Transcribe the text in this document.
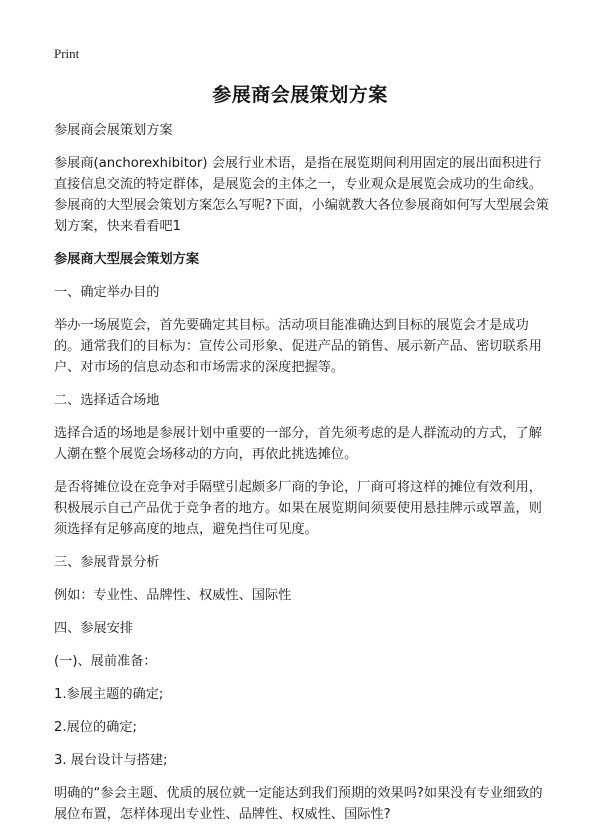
Print
参展商会展策划方案

参展商会展策划方案

参展商(anchorexhibitor) 会展行业术语，是指在展览期间利用固定的展出面积进行直接信息交流的特定群体，是展览会的主体之一，专业观众是展览会成功的生命线。参展商的大型展会策划方案怎么写呢?下面，小编就教大各位参展商如何写大型展会策划方案，快来看看吧1

参展商大型展会策划方案

一、确定举办目的

举办一场展览会，首先要确定其目标。活动项目能准确达到目标的展览会才是成功的。通常我们的目标为：宣传公司形象、促进产品的销售、展示新产品、密切联系用户、对市场的信息动态和市场需求的深度把握等。

二、选择适合场地

选择合适的场地是参展计划中重要的一部分，首先须考虑的是人群流动的方式，了解人潮在整个展览会场移动的方向，再依此挑选摊位。

是否将摊位设在竞争对手隔壁引起颇多厂商的争论，厂商可将这样的摊位有效利用，积极展示自己产品优于竞争者的地方。如果在展览期间须要使用悬挂牌示或罩盖，则须选择有足够高度的地点，避免挡住可见度。

三、参展背景分析

例如：专业性、品牌性、权威性、国际性

四、参展安排

(一)、展前准备：

1.参展主题的确定;

2.展位的确定;

3. 展台设计与搭建;

明确的“参会主题、优质的展位就一定能达到我们预期的效果吗?如果没有专业细致的展位布置，怎样体现出专业性、品牌性、权威性、国际性?
